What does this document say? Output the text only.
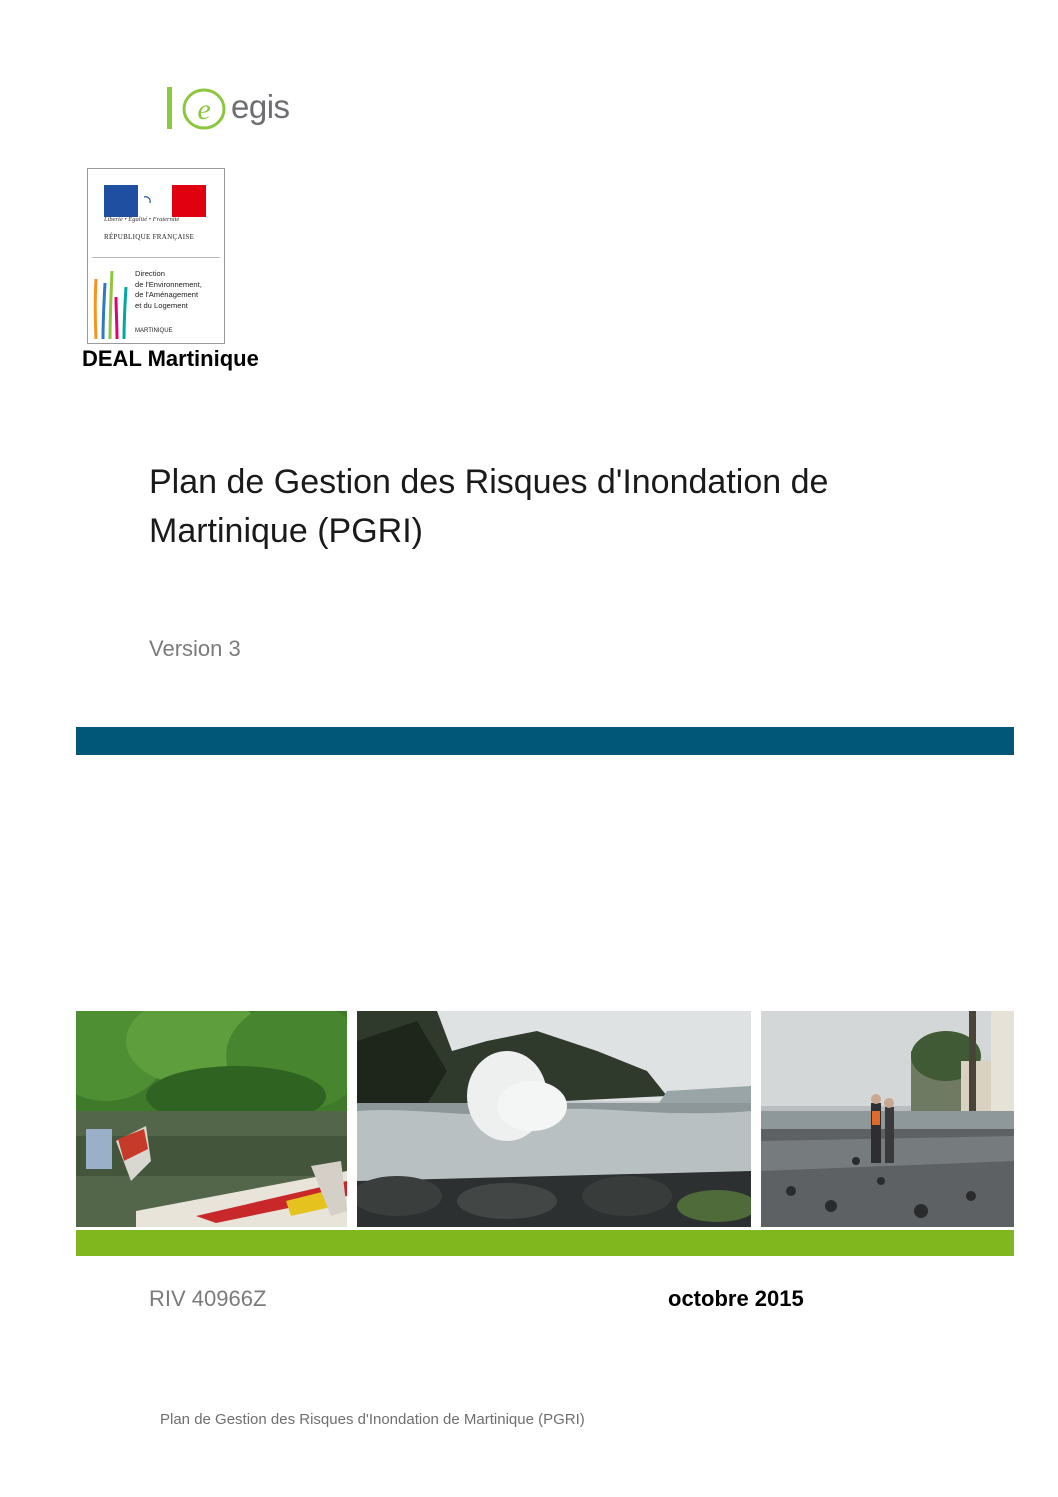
e egis
Liberté • Égalité • Fraternité
RÉPUBLIQUE FRANÇAISE
Direction
de l'Environnement,
de l'Aménagement
et du Logement
MARTINIQUE
DEAL Martinique
Plan de Gestion des Risques d'Inondation de Martinique (PGRI)
Version 3
RIV 40966Z	octobre 2015
Plan de Gestion des Risques d'Inondation de Martinique (PGRI)
